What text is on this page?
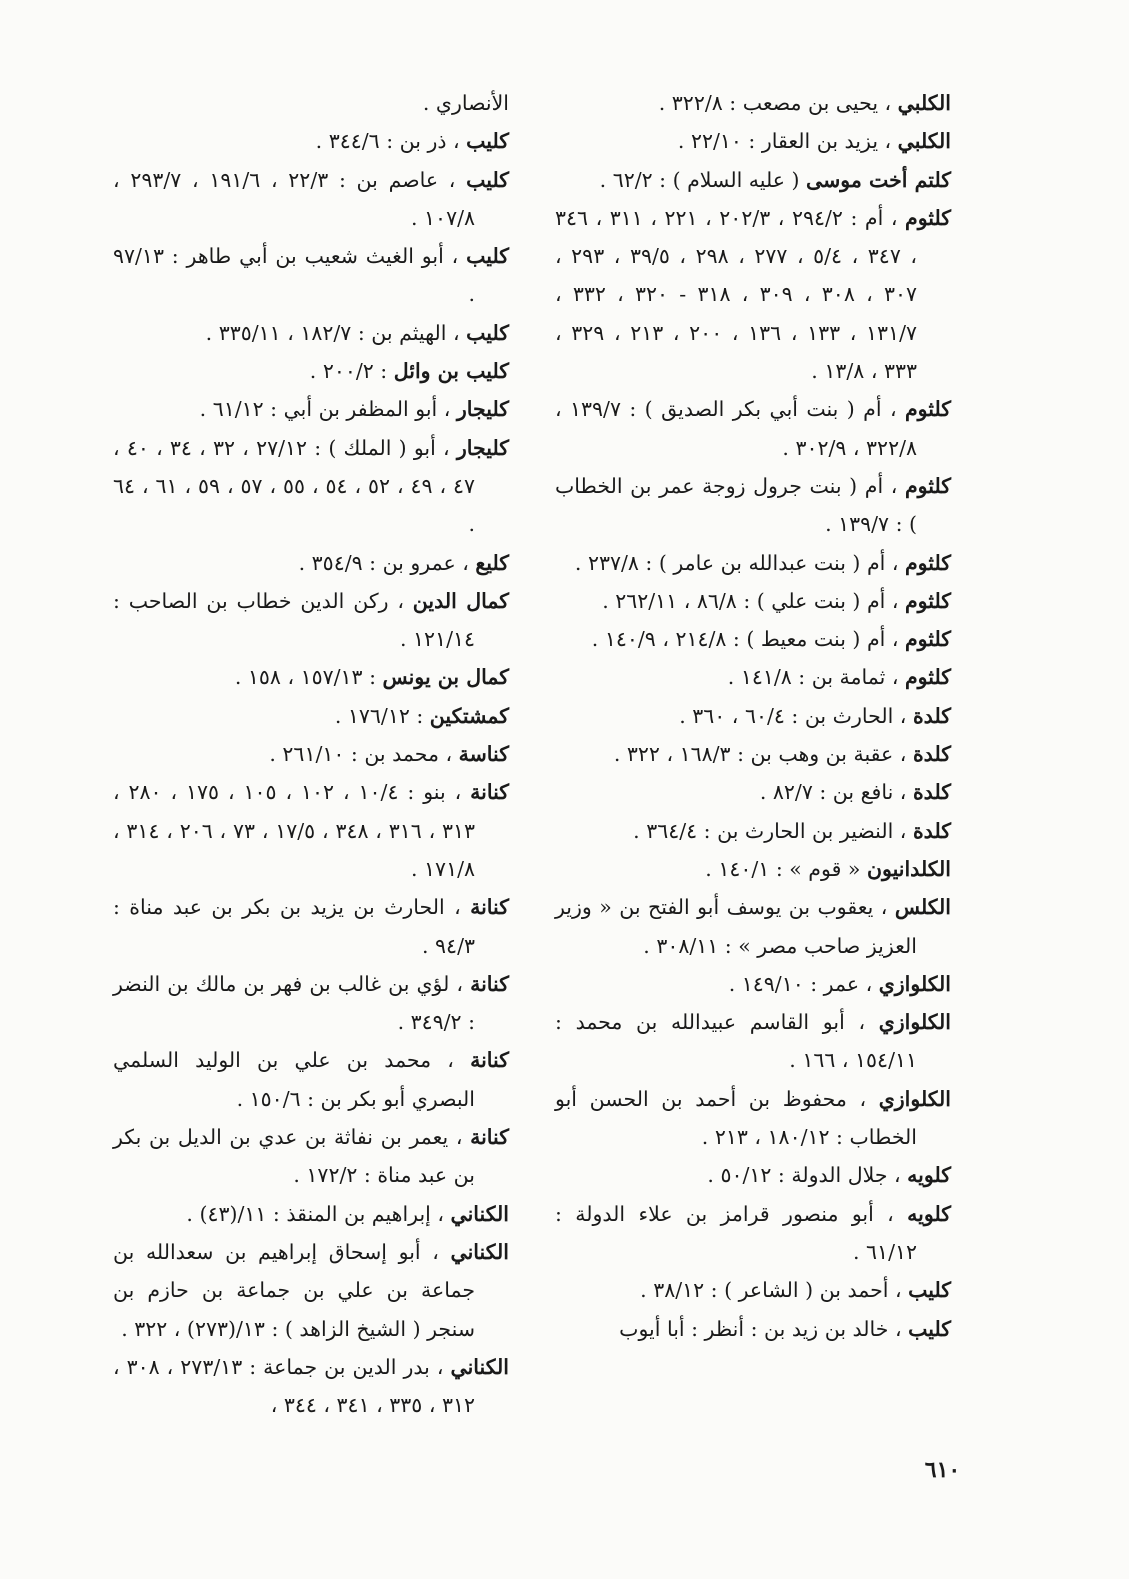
الكلبي ، يحيى بن مصعب : ٣٢٢/٨ .
الكلبي ، يزيد بن العقار : ٢٢/١٠ .
كلتم أخت موسى ( عليه السلام ) : ٦٢/٢ .
كلثوم ، أم : ٢٩٤/٢ ، ٢٠٢/٣ ، ٢٢١ ، ٣١١ ، ٣٤٦ ، ٣٤٧ ، ٥/٤ ، ٢٧٧ ، ٢٩٨ ، ٣٩/٥ ، ٢٩٣ ، ٣٠٧ ، ٣٠٨ ، ٣٠٩ ، ٣١٨ - ٣٢٠ ، ٣٣٢ ، ١٣١/٧ ، ١٣٣ ، ١٣٦ ، ٢٠٠ ، ٢١٣ ، ٣٢٩ ، ٣٣٣ ، ١٣/٨ .
كلثوم ، أم ( بنت أبي بكر الصديق ) : ١٣٩/٧ ، ٣٢٢/٨ ، ٣٠٢/٩ .
كلثوم ، أم ( بنت جرول زوجة عمر بن الخطاب ) : ١٣٩/٧ .
كلثوم ، أم ( بنت عبدالله بن عامر ) : ٢٣٧/٨ .
كلثوم ، أم ( بنت علي ) : ٨٦/٨ ، ٢٦٢/١١ .
كلثوم ، أم ( بنت معيط ) : ٢١٤/٨ ، ١٤٠/٩ .
كلثوم ، ثمامة بن : ١٤١/٨ .
كلدة ، الحارث بن : ٦٠/٤ ، ٣٦٠ .
كلدة ، عقبة بن وهب بن : ١٦٨/٣ ، ٣٢٢ .
كلدة ، نافع بن : ٨٢/٧ .
كلدة ، النضير بن الحارث بن : ٣٦٤/٤ .
الكلدانيون « قوم » : ١٤٠/١ .
الكلس ، يعقوب بن يوسف أبو الفتح بن « وزير العزيز صاحب مصر » : ٣٠٨/١١ .
الكلوازي ، عمر : ١٤٩/١٠ .
الكلوازي ، أبو القاسم عبيدالله بن محمد : ١٥٤/١١ ، ١٦٦ .
الكلوازي ، محفوظ بن أحمد بن الحسن أبو الخطاب : ١٨٠/١٢ ، ٢١٣ .
كلويه ، جلال الدولة : ٥٠/١٢ .
كلويه ، أبو منصور قرامز بن علاء الدولة : ٦١/١٢ .
كليب ، أحمد بن ( الشاعر ) : ٣٨/١٢ .
كليب ، خالد بن زيد بن : أنظر : أبا أيوب
الأنصاري .
كليب ، ذر بن : ٣٤٤/٦ .
كليب ، عاصم بن : ٢٢/٣ ، ١٩١/٦ ، ٢٩٣/٧ ، ١٠٧/٨ .
كليب ، أبو الغيث شعيب بن أبي طاهر : ٩٧/١٣ .
كليب ، الهيثم بن : ١٨٢/٧ ، ٣٣٥/١١ .
كليب بن وائل : ٢٠٠/٢ .
كليجار ، أبو المظفر بن أبي : ٦١/١٢ .
كليجار ، أبو ( الملك ) : ٢٧/١٢ ، ٣٢ ، ٣٤ ، ٤٠ ، ٤٧ ، ٤٩ ، ٥٢ ، ٥٤ ، ٥٥ ، ٥٧ ، ٥٩ ، ٦١ ، ٦٤ .
كليع ، عمرو بن : ٣٥٤/٩ .
كمال الدين ، ركن الدين خطاب بن الصاحب : ١٢١/١٤ .
كمال بن يونس : ١٥٧/١٣ ، ١٥٨ .
كمشتكين : ١٧٦/١٢ .
كناسة ، محمد بن : ٢٦١/١٠ .
كنانة ، بنو : ١٠/٤ ، ١٠٢ ، ١٠٥ ، ١٧٥ ، ٢٨٠ ، ٣١٣ ، ٣١٦ ، ٣٤٨ ، ١٧/٥ ، ٧٣ ، ٢٠٦ ، ٣١٤ ، ١٧١/٨ .
كنانة ، الحارث بن يزيد بن بكر بن عبد مناة : ٩٤/٣ .
كنانة ، لؤي بن غالب بن فهر بن مالك بن النضر : ٣٤٩/٢ .
كنانة ، محمد بن علي بن الوليد السلمي البصري أبو بكر بن : ١٥٠/٦ .
كنانة ، يعمر بن نفاثة بن عدي بن الديل بن بكر بن عبد مناة : ١٧٢/٢ .
الكناني ، إبراهيم بن المنقذ : ١١/(٤٣) .
الكناني ، أبو إسحاق إبراهيم بن سعدالله بن جماعة بن علي بن جماعة بن حازم بن سنجر ( الشيخ الزاهد ) : ١٣/(٢٧٣) ، ٣٢٢ .
الكناني ، بدر الدين بن جماعة : ٢٧٣/١٣ ، ٣٠٨ ، ٣١٢ ، ٣٣٥ ، ٣٤١ ، ٣٤٤ ،
٦١٠
